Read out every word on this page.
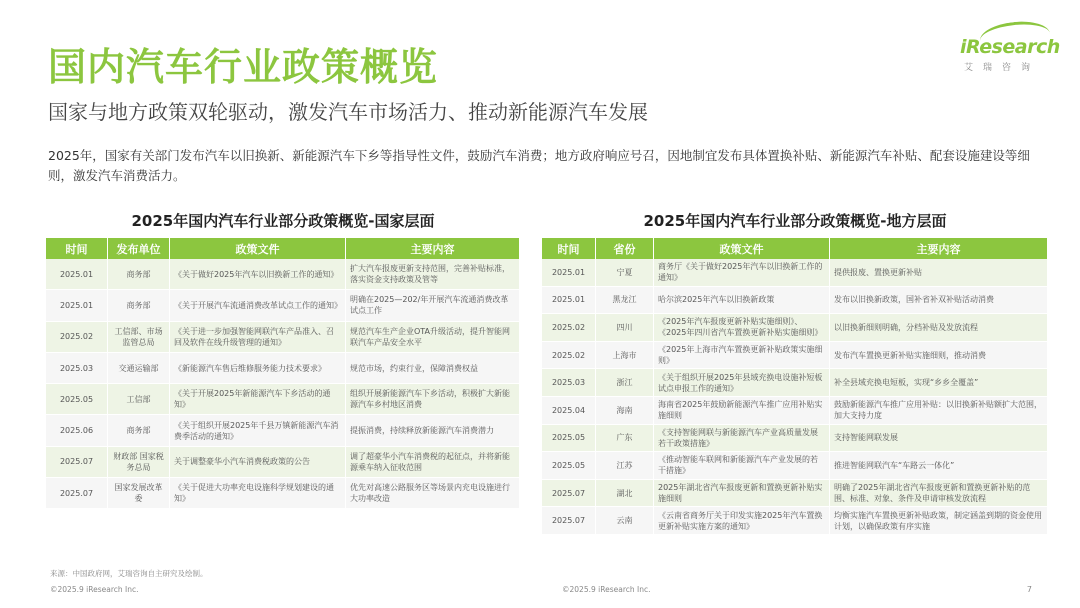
国内汽车行业政策概览
国家与地方政策双轮驱动，激发汽车市场活力、推动新能源汽车发展
iResearch
艾瑞咨询
2025年，国家有关部门发布汽车以旧换新、新能源汽车下乡等指导性文件，鼓励汽车消费；地方政府响应号召，因地制宜发布具体置换补贴、新能源汽车补贴、配套设施建设等细则，激发汽车消费活力。
2025年国内汽车行业部分政策概览-国家层面
时间	发布单位	政策文件	主要内容
2025.01	商务部	《关于做好2025年汽车以旧换新工作的通知》	扩大汽车报废更新支持范围，完善补贴标准，落实资金支持政策及管等
2025.01	商务部	《关于开展汽车流通消费改革试点工作的通知》	明确在2025—202/年开展汽车流通消费改革试点工作
2025.02	工信部、市场监管总局	《关于进一步加强智能网联汽车产品准入、召回及软件在线升级管理的通知》	规范汽车生产企业OTA升级活动，提升智能网联汽车产品安全水平
2025.03	交通运输部	《新能源汽车售后维修服务能力技术要求》	规范市场，约束行业，保障消费权益
2025.05	工信部	《关于开展2025年新能源汽车下乡活动的通知》	组织开展新能源汽车下乡活动，积极扩大新能源汽车乡村地区消费
2025.06	商务部	《关于组织开展2025年千县万镇新能源汽车消费季活动的通知》	提振消费，持续释放新能源汽车消费潜力
2025.07	财政部 国家税务总局	关于调整豪华小汽车消费税政策的公告	调了超豪华小汽车消费税的起征点，并将新能源乘车纳入征收范围
2025.07	国家发展改革委	《关于促进大功率充电设施科学规划建设的通知》	优先对高速公路服务区等场景内充电设施进行大功率改造
2025年国内汽车行业部分政策概览-地方层面
时间	省份	政策文件	主要内容
2025.01	宁夏	商务厅《关于做好2025年汽车以旧换新工作的通知》	提供报废、置换更新补贴
2025.01	黑龙江	哈尔滨2025年汽车以旧换新政策	发布以旧换新政策，国补省补双补贴活动消费
2025.02	四川	《2025年汽车报废更新补贴实施细则》、《2025年四川省汽车置换更新补贴实施细则》	以旧换新细则明确，分档补贴及发放流程
2025.02	上海市	《2025年上海市汽车置换更新补贴政策实施细则》	发布汽车置换更新补贴实施细则，推动消费
2025.03	浙江	《关于组织开展2025年县域充换电设施补短板试点申报工作的通知》	补全县域充换电短板，实现“乡乡全覆盖”
2025.04	海南	海南省2025年鼓励新能源汽车推广应用补贴实施细则	鼓励新能源汽车推广应用补贴：以旧换新补贴额扩大范围，加大支持力度
2025.05	广东	《支持智能网联与新能源汽车产业高质量发展若干政策措施》	支持智能网联发展
2025.05	江苏	《推动智能车联网和新能源汽车产业发展的若干措施》	推进智能网联汽车“车路云一体化”
2025.07	湖北	2025年湖北省汽车报废更新和置换更新补贴实施细则	明确了2025年湖北省汽车报废更新和置换更新补贴的范围、标准、对象、条件及申请审核发放流程
2025.07	云南	《云南省商务厅关于印发实施2025年汽车置换更新补贴实施方案的通知》	均衡实施汽车置换更新补贴政策，制定涵盖到期的资金使用计划，以确保政策有序实施
来源：中国政府网，艾瑞咨询自主研究及绘制。
©2025.9 iResearch Inc.	©2025.9 iResearch Inc.	7
